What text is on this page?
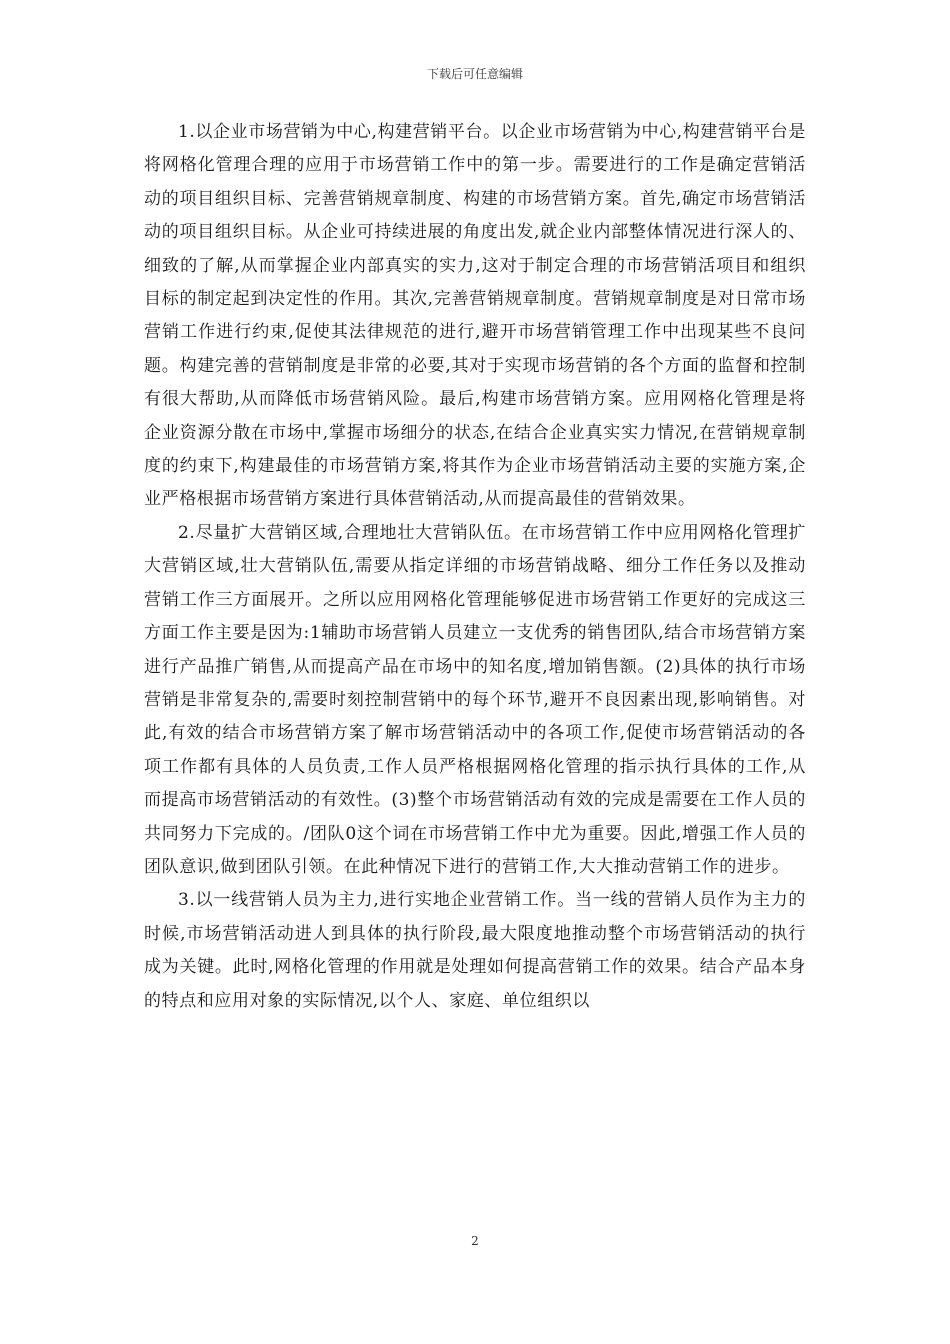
下载后可任意编辑

1.以企业市场营销为中心,构建营销平台。以企业市场营销为中心,构建营销平台是将网格化管理合理的应用于市场营销工作中的第一步。需要进行的工作是确定营销活动的项目组织目标、完善营销规章制度、构建的市场营销方案。首先,确定市场营销活动的项目组织目标。从企业可持续进展的角度出发,就企业内部整体情况进行深人的、细致的了解,从而掌握企业内部真实的实力,这对于制定合理的市场营销活项目和组织目标的制定起到决定性的作用。其次,完善营销规章制度。营销规章制度是对日常市场营销工作进行约束,促使其法律规范的进行,避开市场营销管理工作中出现某些不良问题。构建完善的营销制度是非常的必要,其对于实现市场营销的各个方面的监督和控制有很大帮助,从而降低市场营销风险。最后,构建市场营销方案。应用网格化管理是将企业资源分散在市场中,掌握市场细分的状态,在结合企业真实实力情况,在营销规章制度的约束下,构建最佳的市场营销方案,将其作为企业市场营销活动主要的实施方案,企业严格根据市场营销方案进行具体营销活动,从而提高最佳的营销效果。

2.尽量扩大营销区域,合理地壮大营销队伍。在市场营销工作中应用网格化管理扩大营销区域,壮大营销队伍,需要从指定详细的市场营销战略、细分工作任务以及推动营销工作三方面展开。之所以应用网格化管理能够促进市场营销工作更好的完成这三方面工作主要是因为:1辅助市场营销人员建立一支优秀的销售团队,结合市场营销方案进行产品推广销售,从而提高产品在市场中的知名度,增加销售额。(2)具体的执行市场营销是非常复杂的,需要时刻控制营销中的每个环节,避开不良因素出现,影响销售。对此,有效的结合市场营销方案了解市场营销活动中的各项工作,促使市场营销活动的各项工作都有具体的人员负责,工作人员严格根据网格化管理的指示执行具体的工作,从而提高市场营销活动的有效性。(3)整个市场营销活动有效的完成是需要在工作人员的共同努力下完成的。/团队0这个词在市场营销工作中尤为重要。因此,增强工作人员的团队意识,做到团队引领。在此种情况下进行的营销工作,大大推动营销工作的进步。

3.以一线营销人员为主力,进行实地企业营销工作。当一线的营销人员作为主力的时候,市场营销活动进人到具体的执行阶段,最大限度地推动整个市场营销活动的执行成为关键。此时,网格化管理的作用就是处理如何提高营销工作的效果。结合产品本身的特点和应用对象的实际情况,以个人、家庭、单位组织以

2
